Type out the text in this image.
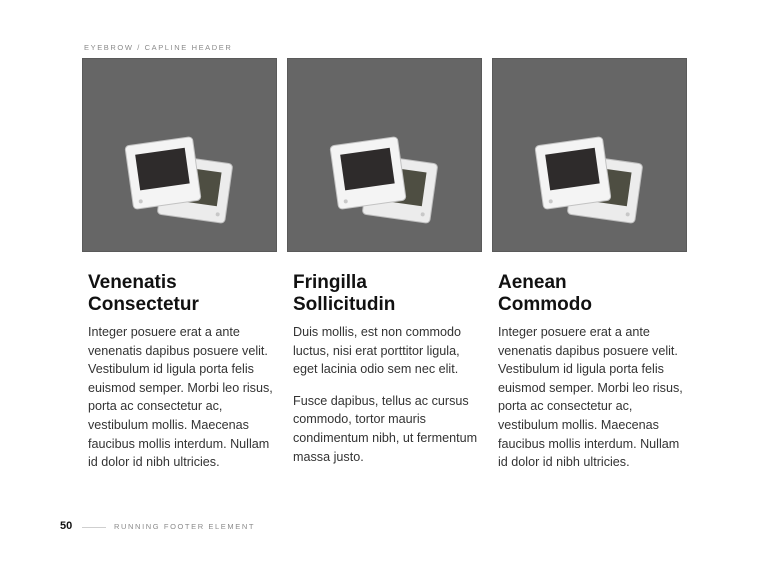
EYEBROW / CAPLINE HEADER
Venenatis
Consectetur

Integer posuere erat a ante venenatis dapibus posuere velit. Vestibulum id ligula porta felis euismod semper. Morbi leo risus, porta ac consectetur ac, vestibulum mollis. Maecenas faucibus mollis interdum. Nullam id dolor id nibh ultricies.

Fringilla
Sollicitudin

Duis mollis, est non commodo luctus, nisi erat porttitor ligula, eget lacinia odio sem nec elit.

Fusce dapibus, tellus ac cursus commodo, tortor mauris condimentum nibh, ut fermentum massa justo.

Aenean
Commodo

Integer posuere erat a ante venenatis dapibus posuere velit. Vestibulum id ligula porta felis euismod semper. Morbi leo risus, porta ac consectetur ac, vestibulum mollis. Maecenas faucibus mollis interdum. Nullam id dolor id nibh ultricies.

50	RUNNING FOOTER ELEMENT
